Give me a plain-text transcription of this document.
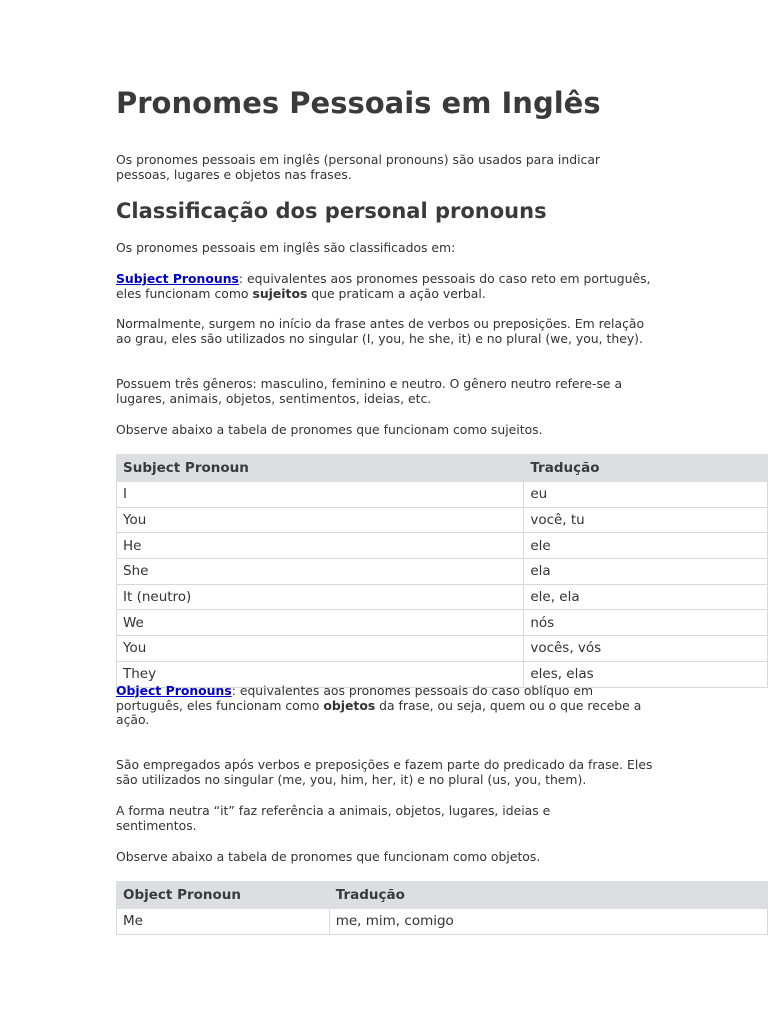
Pronomes Pessoais em Inglês

Os pronomes pessoais em inglês (personal pronouns) são usados para indicar pessoas, lugares e objetos nas frases.

Classificação dos personal pronouns

Os pronomes pessoais em inglês são classificados em:

Subject Pronouns: equivalentes aos pronomes pessoais do caso reto em português, eles funcionam como sujeitos que praticam a ação verbal.

Normalmente, surgem no início da frase antes de verbos ou preposições. Em relação ao grau, eles são utilizados no singular (I, you, he she, it) e no plural (we, you, they).

Possuem três gêneros: masculino, feminino e neutro. O gênero neutro refere-se a lugares, animais, objetos, sentimentos, ideias, etc.

Observe abaixo a tabela de pronomes que funcionam como sujeitos.

Subject Pronoun	Tradução
I	eu
You	você, tu
He	ele
She	ela
It (neutro)	ele, ela
We	nós
You	vocês, vós
They	eles, elas

Object Pronouns: equivalentes aos pronomes pessoais do caso oblíquo em português, eles funcionam como objetos da frase, ou seja, quem ou o que recebe a ação.

São empregados após verbos e preposições e fazem parte do predicado da frase. Eles são utilizados no singular (me, you, him, her, it) e no plural (us, you, them).

A forma neutra “it” faz referência a animais, objetos, lugares, ideias e sentimentos.

Observe abaixo a tabela de pronomes que funcionam como objetos.

Object Pronoun	Tradução
Me	me, mim, comigo
